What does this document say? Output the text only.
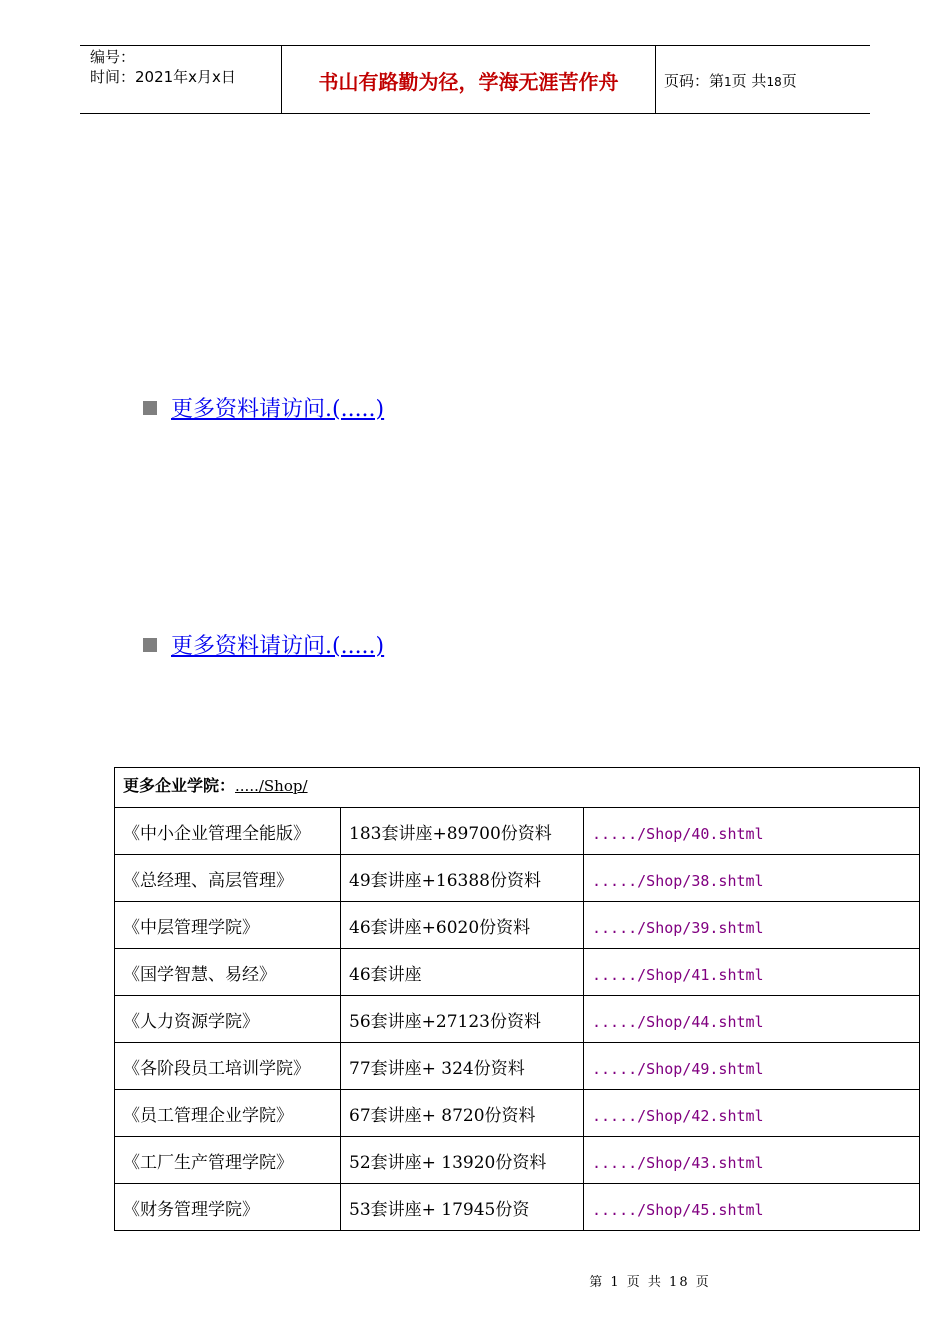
编号：
时间：2021年x月x日	书山有路勤为径，学海无涯苦作舟	页码：第1页 共18页
更多资料请访问.(.....)
更多资料请访问.(.....)
更多企业学院：...../Shop/		
《中小企业管理全能版》	183套讲座+89700份资料	...../Shop/40.shtml
《总经理、高层管理》	49套讲座+16388份资料	...../Shop/38.shtml
《中层管理学院》	46套讲座+6020份资料	...../Shop/39.shtml
《国学智慧、易经》	46套讲座	...../Shop/41.shtml
《人力资源学院》	56套讲座+27123份资料	...../Shop/44.shtml
《各阶段员工培训学院》	77套讲座+ 324份资料	...../Shop/49.shtml
《员工管理企业学院》	67套讲座+ 8720份资料	...../Shop/42.shtml
《工厂生产管理学院》	52套讲座+ 13920份资料	...../Shop/43.shtml
《财务管理学院》	53套讲座+ 17945份资	...../Shop/45.shtml
第 1 页 共 18 页
